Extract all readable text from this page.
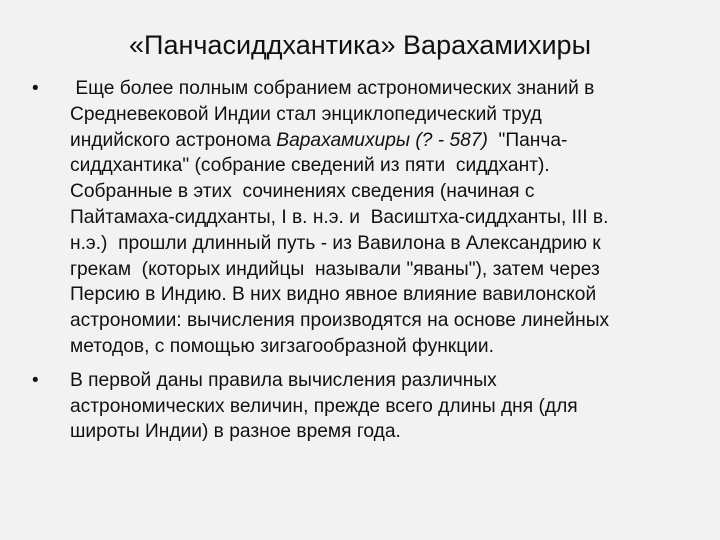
«Панчасиддхантика» Варахамихиры
• Еще более полным собранием астрономических знаний в
Средневековой Индии стал энциклопедический труд
индийского астронома Варахамихиры (? - 587)  "Панча-
сиддхантика" (собрание сведений из пяти  сиддхант).
Собранные в этих  сочинениях сведения (начиная с
Пайтамаха-сиддханты, I в. н.э. и  Васиштха-сиддханты, III в.
н.э.)  прошли длинный путь - из Вавилона в Александрию к
грекам  (которых индийцы  называли "яваны"), затем через
Персию в Индию. В них видно явное влияние вавилонской
астрономии: вычисления производятся на основе линейных
методов, с помощью зигзагообразной функции.
• В первой даны правила вычисления различных
астрономических величин, прежде всего длины дня (для
широты Индии) в разное время года.
